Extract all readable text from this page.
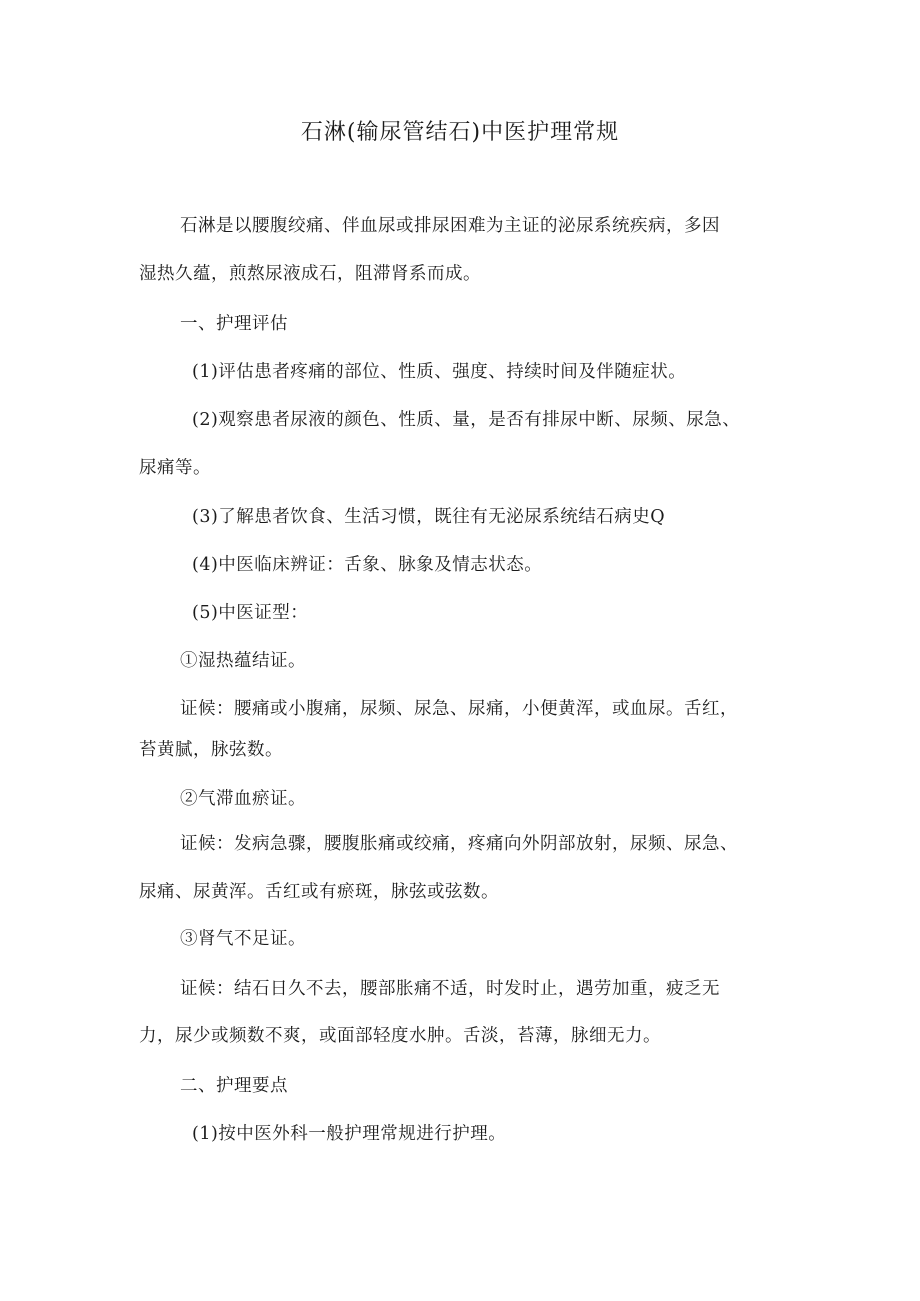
石淋(输尿管结石)中医护理常规
石淋是以腰腹绞痛、伴血尿或排尿困难为主证的泌尿系统疾病，多因
湿热久蕴，煎熬尿液成石，阻滞肾系而成。
一、护理评估
(1)评估患者疼痛的部位、性质、强度、持续时间及伴随症状。
(2)观察患者尿液的颜色、性质、量，是否有排尿中断、尿频、尿急、
尿痛等。
(3)了解患者饮食、生活习惯，既往有无泌尿系统结石病史Q
(4)中医临床辨证：舌象、脉象及情志状态。
(5)中医证型：
①湿热蕴结证。
证候：腰痛或小腹痛，尿频、尿急、尿痛，小便黄浑，或血尿。舌红，
苔黄腻，脉弦数。
②气滞血瘀证。
证候：发病急骤，腰腹胀痛或绞痛，疼痛向外阴部放射，尿频、尿急、
尿痛、尿黄浑。舌红或有瘀斑，脉弦或弦数。
③肾气不足证。
证候：结石日久不去，腰部胀痛不适，时发时止，遇劳加重，疲乏无
力，尿少或频数不爽，或面部轻度水肿。舌淡，苔薄，脉细无力。
二、护理要点
(1)按中医外科一般护理常规进行护理。
